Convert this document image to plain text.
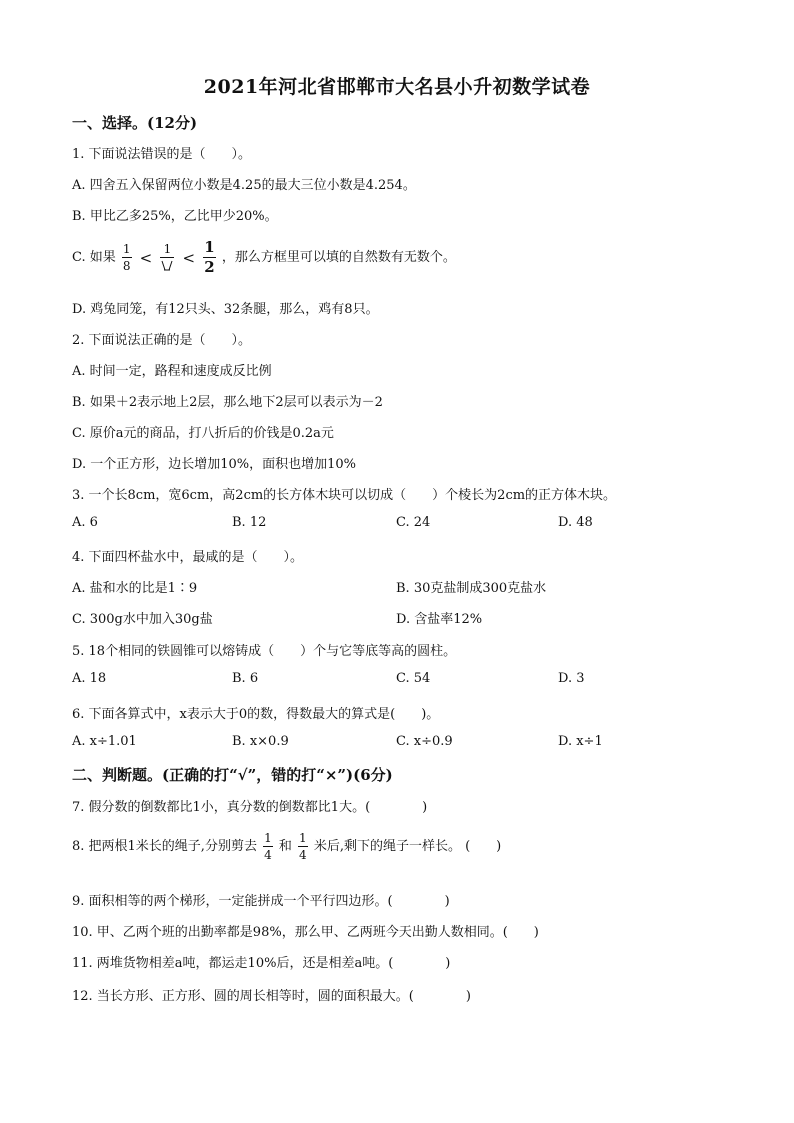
2021年河北省邯郸市大名县小升初数学试卷
一、选择。(12分)
1. 下面说法错误的是（　　）。
A. 四舍五入保留两位小数是4.25的最大三位小数是4.254。
B. 甲比乙多25%，乙比甲少20%。
C. 如果 $\frac{1}{8} < 1 < \frac{1}{2}$ ，那么方框里可以填的自然数有无数个。
D. 鸡兔同笼，有12只头、32条腿，那么，鸡有8只。
2. 下面说法正确的是（　　）。
A. 时间一定，路程和速度成反比例
B. 如果＋2表示地上2层，那么地下2层可以表示为－2
C. 原价a元的商品，打八折后的价钱是0.2a元
D. 一个正方形，边长增加10%，面积也增加10%
3. 一个长8cm，宽6cm，高2cm的长方体木块可以切成（　　）个棱长为2cm的正方体木块。
A. 6	B. 12	C. 24	D. 48
4. 下面四杯盐水中，最咸的是（　　）。
A. 盐和水的比是1∶9	B. 30克盐制成300克盐水
C. 300g水中加入30g盐	D. 含盐率12%
5. 18个相同的铁圆锥可以熔铸成（　　）个与它等底等高的圆柱。
A. 18	B. 6	C. 54	D. 3
6. 下面各算式中，x表示大于0的数，得数最大的算式是(　　)。
A. x÷1.01	B. x×0.9	C. x÷0.9	D. x÷1
二、判断题。(正确的打“√”，错的打“×”)(6分)
7. 假分数的倒数都比1小，真分数的倒数都比1大。(　　　　)
8. 把两根1米长的绳子,分别剪去 $\frac{1}{4}$ 和 $\frac{1}{4}$ 米后,剩下的绳子一样长。 (　　)
9. 面积相等的两个梯形，一定能拼成一个平行四边形。(　　　　)
10. 甲、乙两个班的出勤率都是98%，那么甲、乙两班今天出勤人数相同。(　　)
11. 两堆货物相差a吨，都运走10%后，还是相差a吨。(　　　　)
12. 当长方形、正方形、圆的周长相等时，圆的面积最大。(　　　　)
